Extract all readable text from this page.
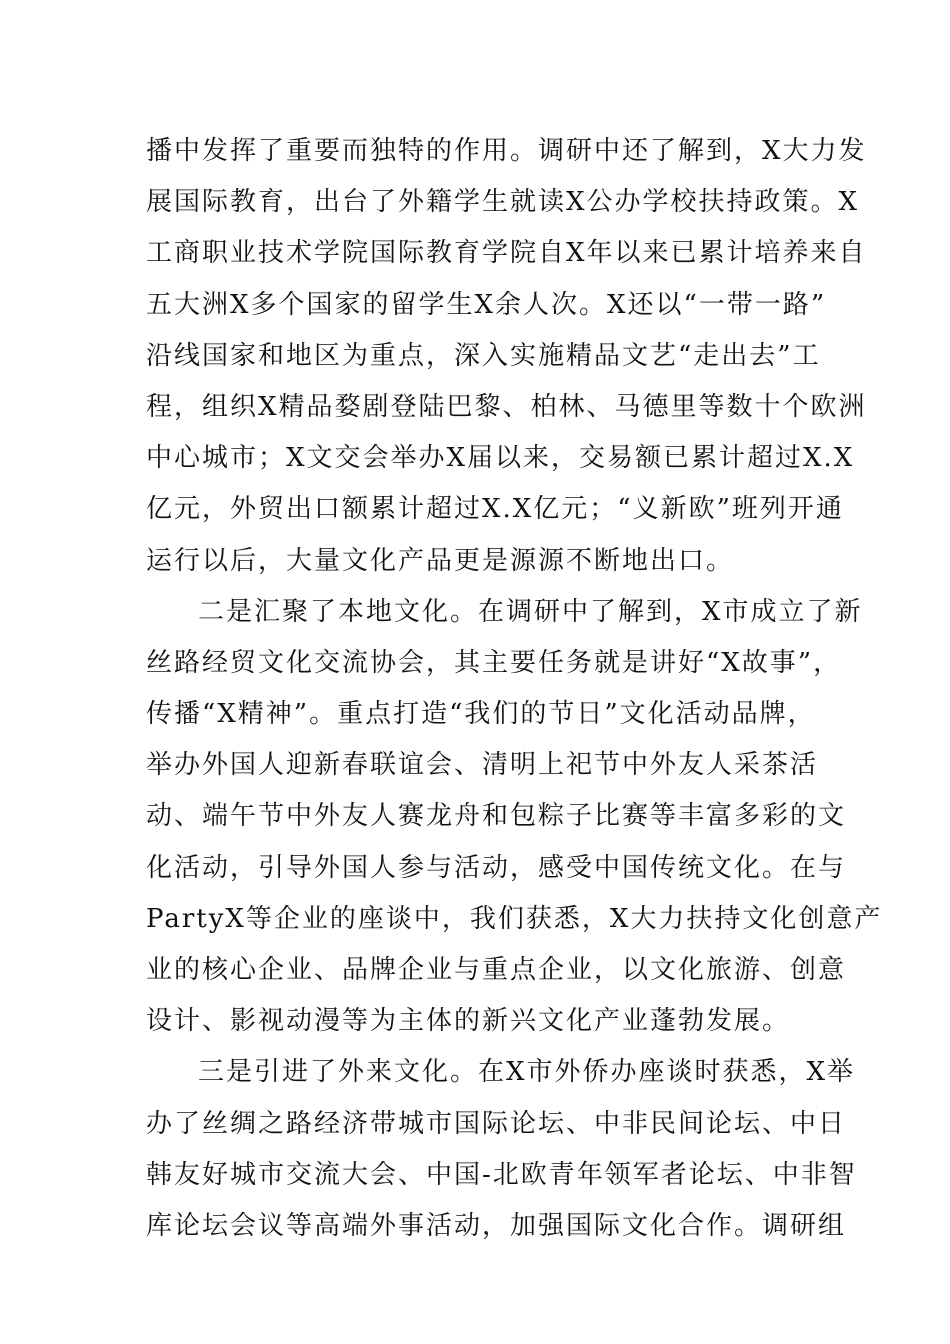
播中发挥了重要而独特的作用。调研中还了解到，X大力发
展国际教育，出台了外籍学生就读X公办学校扶持政策。X
工商职业技术学院国际教育学院自X年以来已累计培养来自
五大洲X多个国家的留学生X余人次。X还以“一带一路”
沿线国家和地区为重点，深入实施精品文艺“走出去”工
程，组织X精品婺剧登陆巴黎、柏林、马德里等数十个欧洲
中心城市；X文交会举办X届以来，交易额已累计超过X.X
亿元，外贸出口额累计超过X.X亿元；“义新欧”班列开通
运行以后，大量文化产品更是源源不断地出口。
二是汇聚了本地文化。在调研中了解到，X市成立了新
丝路经贸文化交流协会，其主要任务就是讲好“X故事”，
传播“X精神”。重点打造“我们的节日”文化活动品牌，
举办外国人迎新春联谊会、清明上祀节中外友人采茶活
动、端午节中外友人赛龙舟和包粽子比赛等丰富多彩的文
化活动，引导外国人参与活动，感受中国传统文化。在与
PartyX等企业的座谈中，我们获悉，X大力扶持文化创意产
业的核心企业、品牌企业与重点企业，以文化旅游、创意
设计、影视动漫等为主体的新兴文化产业蓬勃发展。
三是引进了外来文化。在X市外侨办座谈时获悉，X举
办了丝绸之路经济带城市国际论坛、中非民间论坛、中日
韩友好城市交流大会、中国-北欧青年领军者论坛、中非智
库论坛会议等高端外事活动，加强国际文化合作。调研组
